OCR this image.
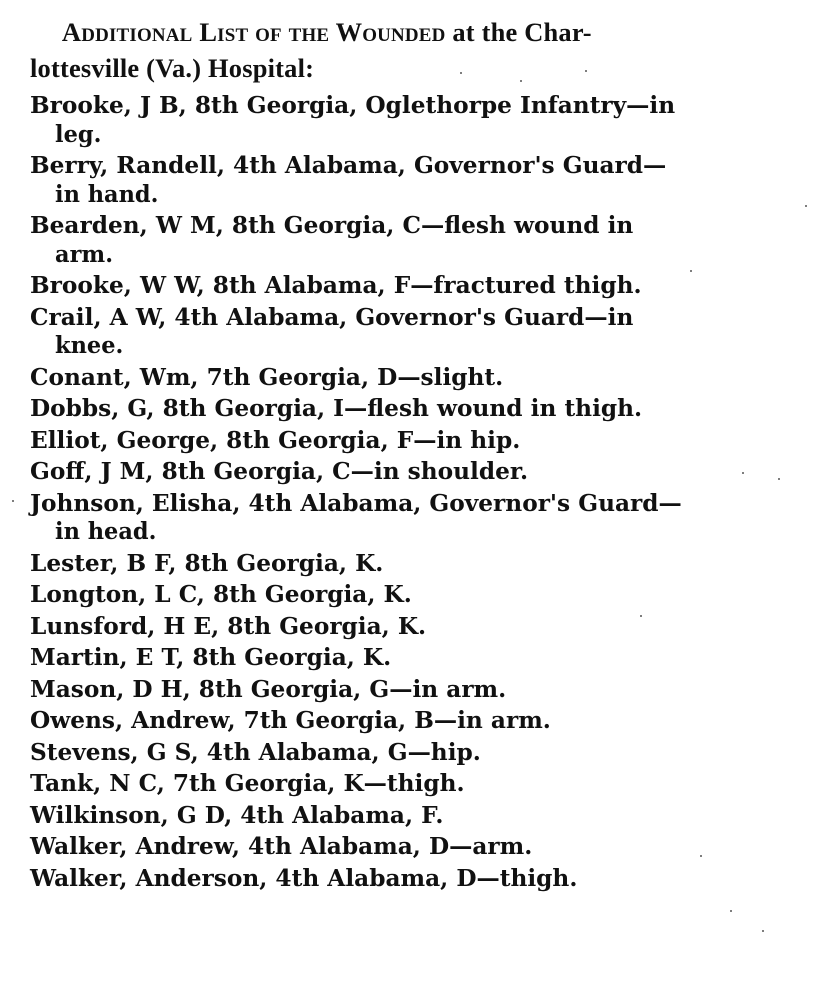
Additional List of the Wounded at the Char-

lottesville (Va.) Hospital:

Brooke, J B, 8th Georgia, Oglethorpe Infantry—in

leg.

Berry, Randell, 4th Alabama, Governor's Guard—

in hand.

Bearden, W M, 8th Georgia, C—flesh wound in

arm.

Brooke, W W, 8th Alabama, F—fractured thigh.

Crail, A W, 4th Alabama, Governor's Guard—in

knee.

Conant, Wm, 7th Georgia, D—slight.

Dobbs, G, 8th Georgia, I—flesh wound in thigh.

Elliot, George, 8th Georgia, F—in hip.

Goff, J M, 8th Georgia, C—in shoulder.

Johnson, Elisha, 4th Alabama, Governor's Guard—

in head.

Lester, B F, 8th Georgia, K.

Longton, L C, 8th Georgia, K.

Lunsford, H E, 8th Georgia, K.

Martin, E T, 8th Georgia, K.

Mason, D H, 8th Georgia, G—in arm.

Owens, Andrew, 7th Georgia, B—in arm.

Stevens, G S, 4th Alabama, G—hip.

Tank, N C, 7th Georgia, K—thigh.

Wilkinson, G D, 4th Alabama, F.

Walker, Andrew, 4th Alabama, D—arm.

Walker, Anderson, 4th Alabama, D—thigh.
